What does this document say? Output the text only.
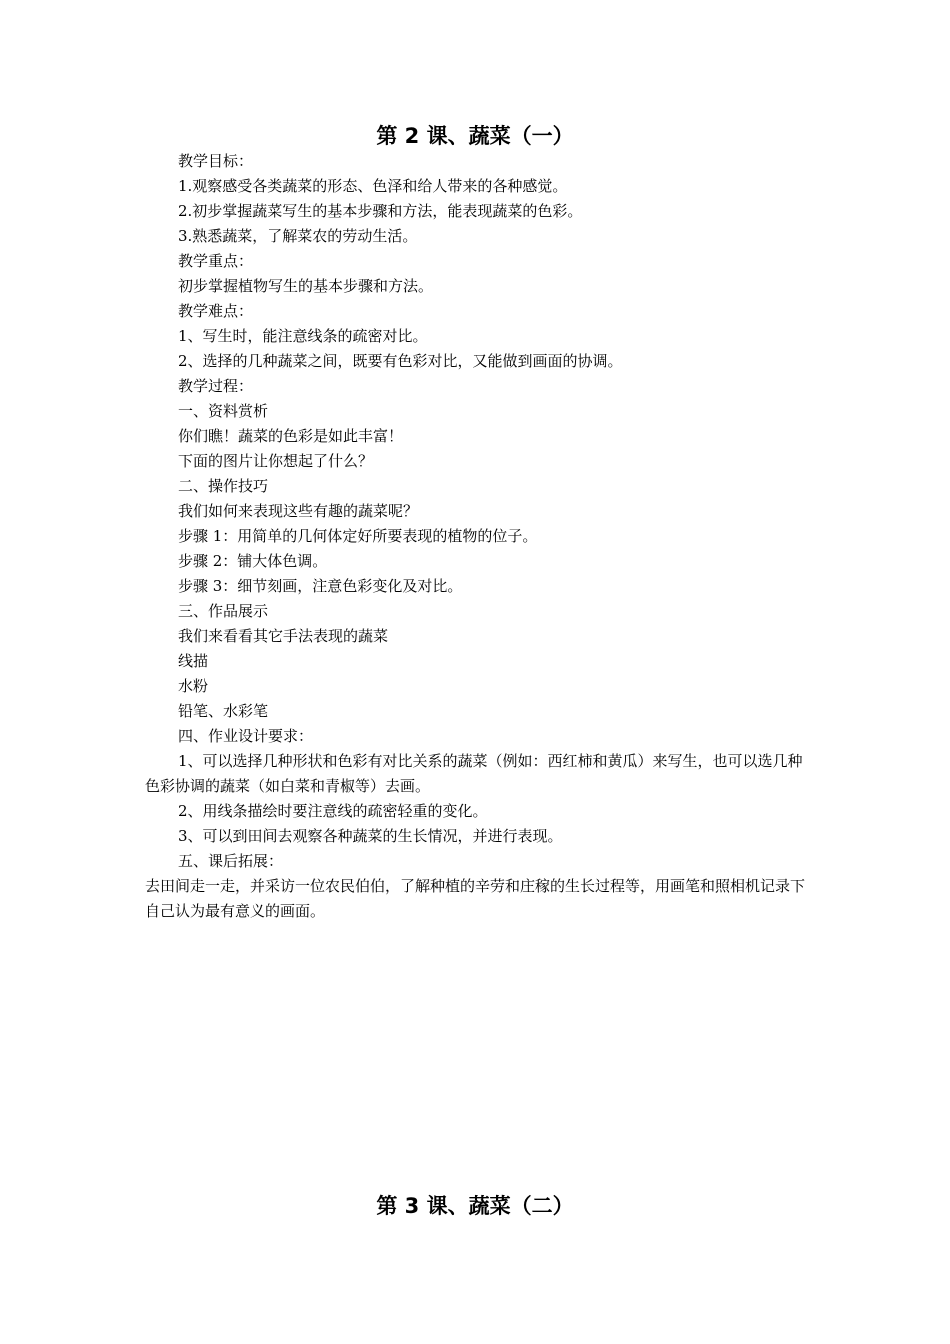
第 2 课、蔬菜（一）

教学目标：

1.观察感受各类蔬菜的形态、色泽和给人带来的各种感觉。

2.初步掌握蔬菜写生的基本步骤和方法，能表现蔬菜的色彩。

3.熟悉蔬菜，了解菜农的劳动生活。

教学重点：

初步掌握植物写生的基本步骤和方法。

教学难点：

1、写生时，能注意线条的疏密对比。

2、选择的几种蔬菜之间，既要有色彩对比，又能做到画面的协调。

教学过程：

一、资料赏析

你们瞧！蔬菜的色彩是如此丰富！

下面的图片让你想起了什么？

二、操作技巧

我们如何来表现这些有趣的蔬菜呢？

步骤 1：用简单的几何体定好所要表现的植物的位子。

步骤 2：铺大体色调。

步骤 3：细节刻画，注意色彩变化及对比。

三、作品展示

我们来看看其它手法表现的蔬菜

线描

水粉

铅笔、水彩笔

四、作业设计要求：

1、可以选择几种形状和色彩有对比关系的蔬菜（例如：西红柿和黄瓜）来写生，也可以选几种色彩协调的蔬菜（如白菜和青椒等）去画。

2、用线条描绘时要注意线的疏密轻重的变化。

3、可以到田间去观察各种蔬菜的生长情况，并进行表现。

五、课后拓展：

去田间走一走，并采访一位农民伯伯，了解种植的辛劳和庄稼的生长过程等，用画笔和照相机记录下自己认为最有意义的画面。

第 3 课、蔬菜（二）
